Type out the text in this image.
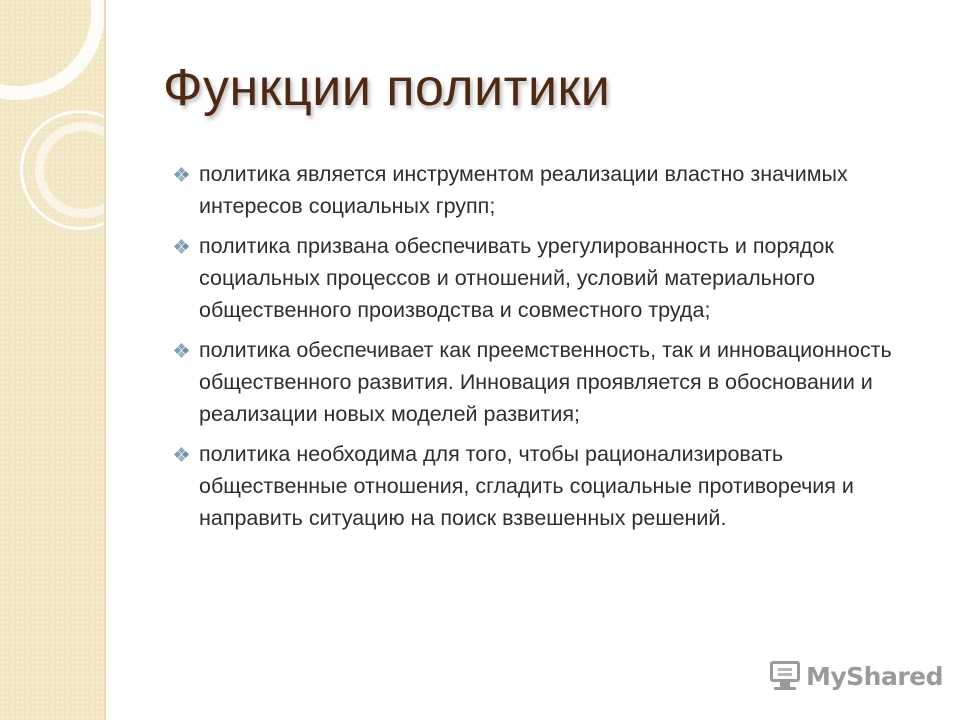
Функции политики
политика является инструментом реализации властно значимых интересов социальных групп;
политика призвана обеспечивать урегулированность и порядок социальных процессов и отношений, условий материального общественного производства и совместного труда;
политика обеспечивает как преемственность, так и инновационность общественного развития. Инновация проявляется в обосновании и реализации новых моделей развития;
политика необходима для того, чтобы рационализировать общественные отношения, сгладить социальные противоречия и направить ситуацию на поиск взвешенных решений.
MyShared
